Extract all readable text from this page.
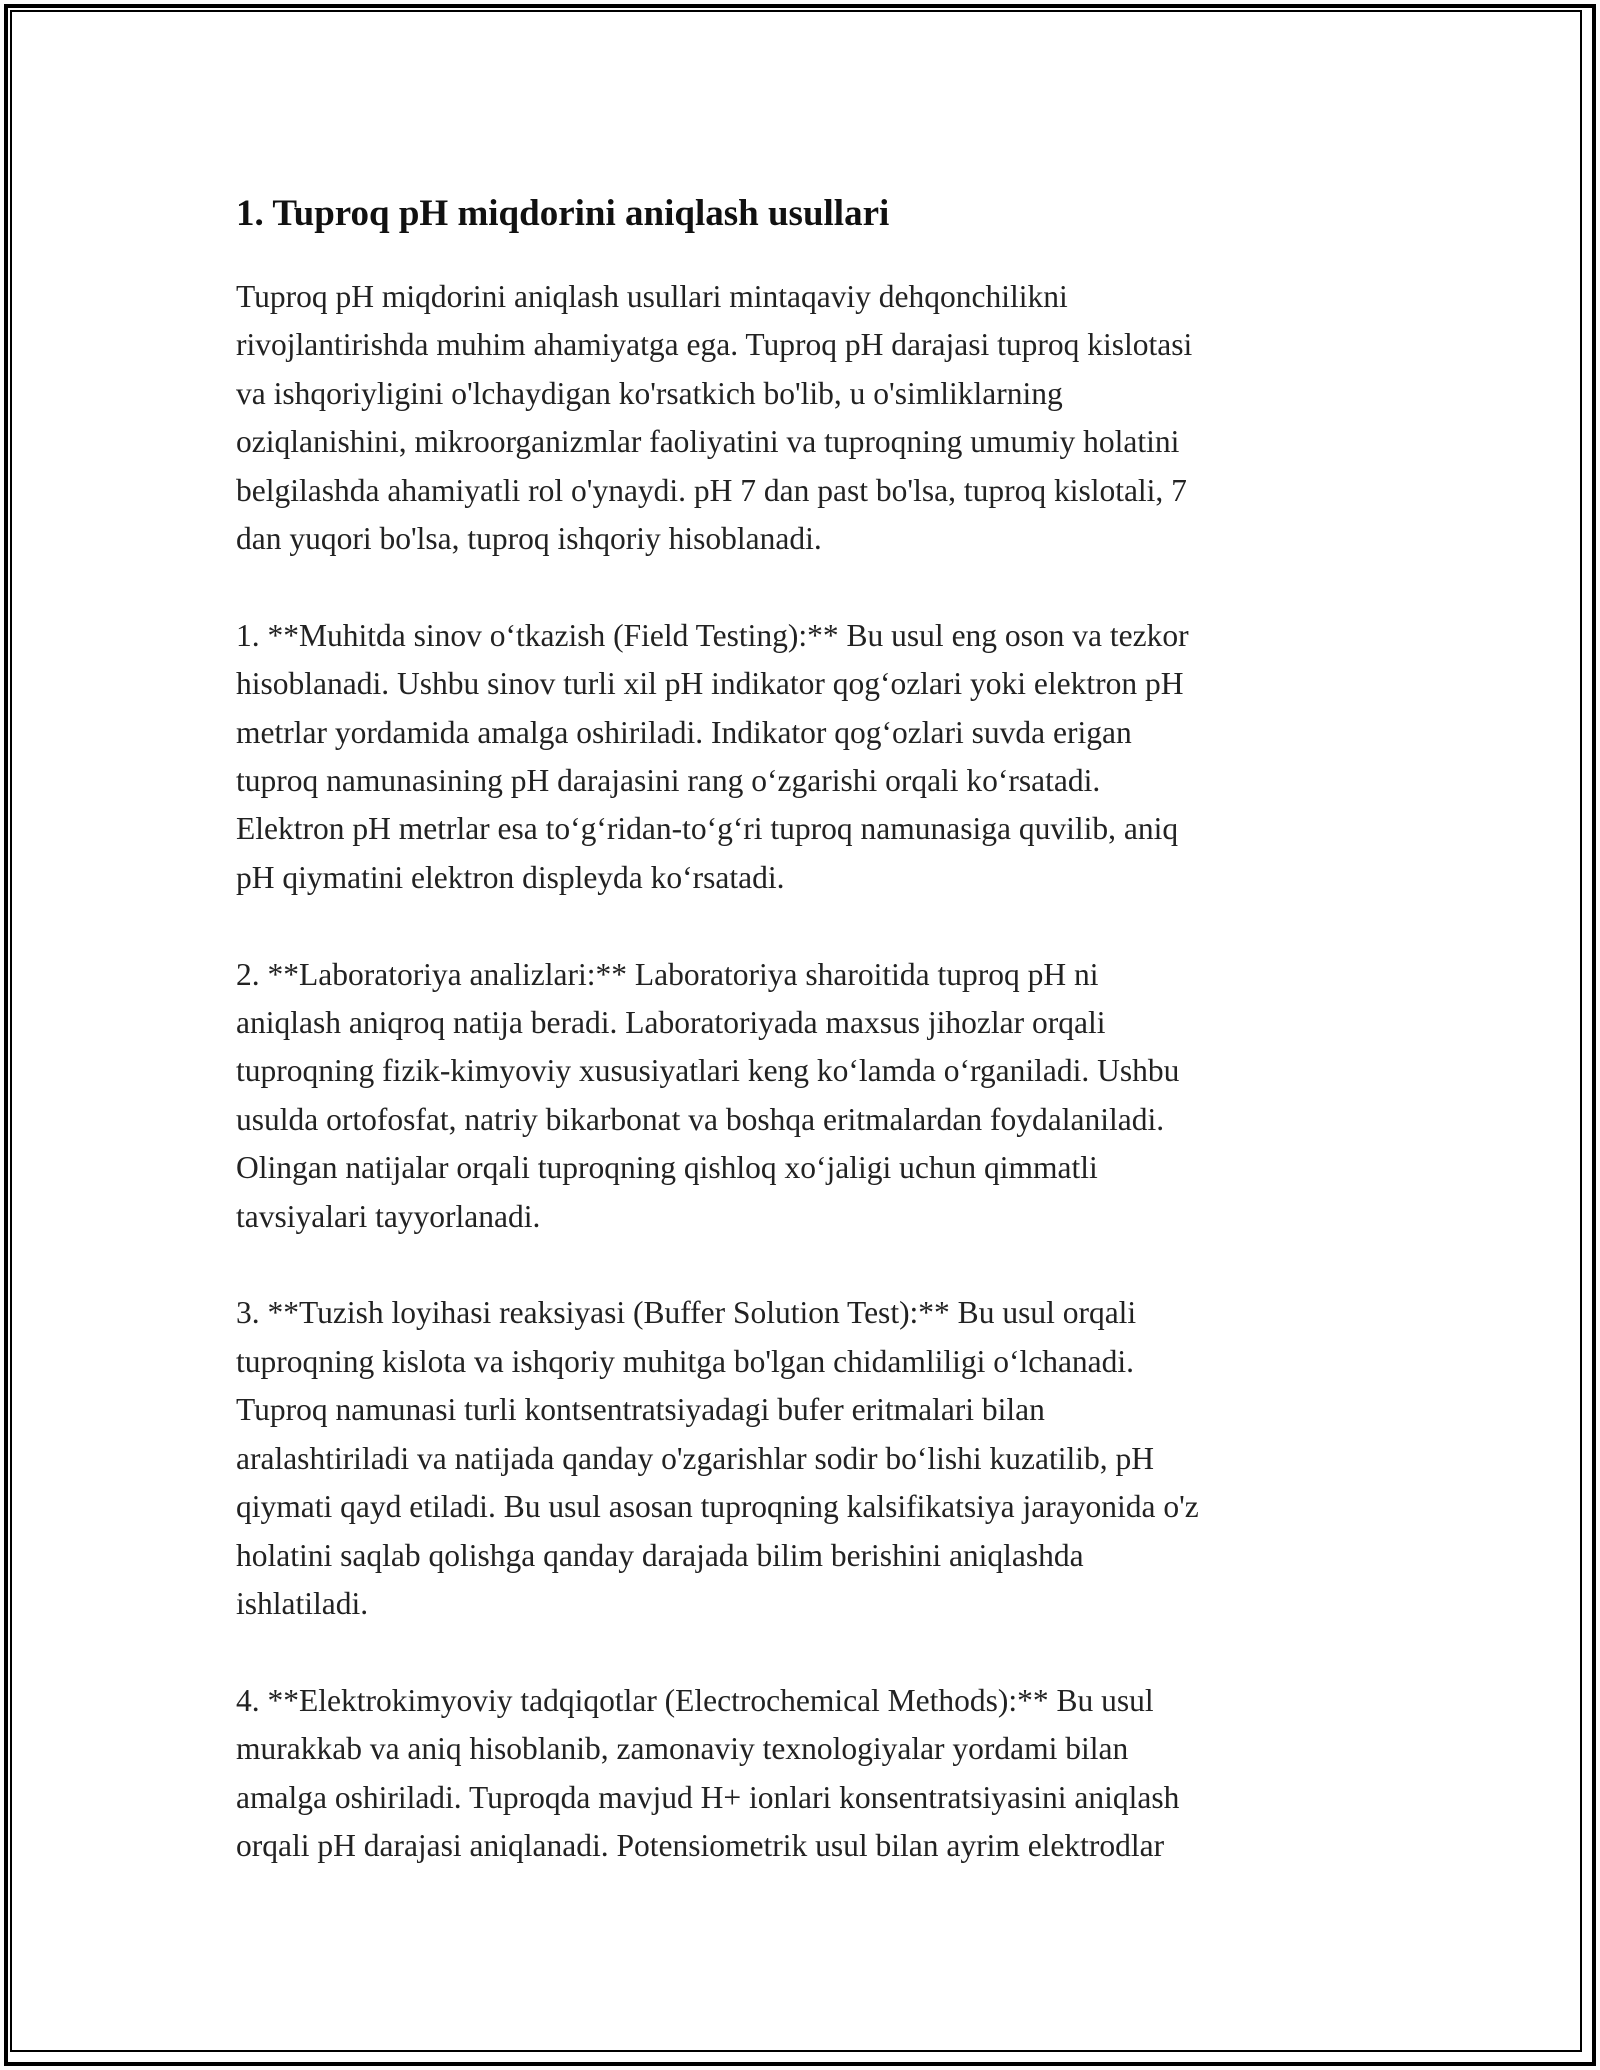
1. Tuproq pH miqdorini aniqlash usullari

Tuproq pH miqdorini aniqlash usullari mintaqaviy dehqonchilikni
rivojlantirishda muhim ahamiyatga ega. Tuproq pH darajasi tuproq kislotasi
va ishqoriyligini o'lchaydigan ko'rsatkich bo'lib, u o'simliklarning
oziqlanishini, mikroorganizmlar faoliyatini va tuproqning umumiy holatini
belgilashda ahamiyatli rol o'ynaydi. pH 7 dan past bo'lsa, tuproq kislotali, 7
dan yuqori bo'lsa, tuproq ishqoriy hisoblanadi.

1. **Muhitda sinov o‘tkazish (Field Testing):** Bu usul eng oson va tezkor
hisoblanadi. Ushbu sinov turli xil pH indikator qog‘ozlari yoki elektron pH
metrlar yordamida amalga oshiriladi. Indikator qog‘ozlari suvda erigan
tuproq namunasining pH darajasini rang o‘zgarishi orqali ko‘rsatadi.
Elektron pH metrlar esa to‘g‘ridan-to‘g‘ri tuproq namunasiga quvilib, aniq
pH qiymatini elektron displeyda ko‘rsatadi.

2. **Laboratoriya analizlari:** Laboratoriya sharoitida tuproq pH ni
aniqlash aniqroq natija beradi. Laboratoriyada maxsus jihozlar orqali
tuproqning fizik-kimyoviy xususiyatlari keng ko‘lamda o‘rganiladi. Ushbu
usulda ortofosfat, natriy bikarbonat va boshqa eritmalardan foydalaniladi.
Olingan natijalar orqali tuproqning qishloq xo‘jaligi uchun qimmatli
tavsiyalari tayyorlanadi.

3. **Tuzish loyihasi reaksiyasi (Buffer Solution Test):** Bu usul orqali
tuproqning kislota va ishqoriy muhitga bo'lgan chidamliligi o‘lchanadi.
Tuproq namunasi turli kontsentratsiyadagi bufer eritmalari bilan
aralashtiriladi va natijada qanday o'zgarishlar sodir bo‘lishi kuzatilib, pH
qiymati qayd etiladi. Bu usul asosan tuproqning kalsifikatsiya jarayonida o'z
holatini saqlab qolishga qanday darajada bilim berishini aniqlashda
ishlatiladi.

4. **Elektrokimyoviy tadqiqotlar (Electrochemical Methods):** Bu usul
murakkab va aniq hisoblanib, zamonaviy texnologiyalar yordami bilan
amalga oshiriladi. Tuproqda mavjud H+ ionlari konsentratsiyasini aniqlash
orqali pH darajasi aniqlanadi. Potensiometrik usul bilan ayrim elektrodlar
